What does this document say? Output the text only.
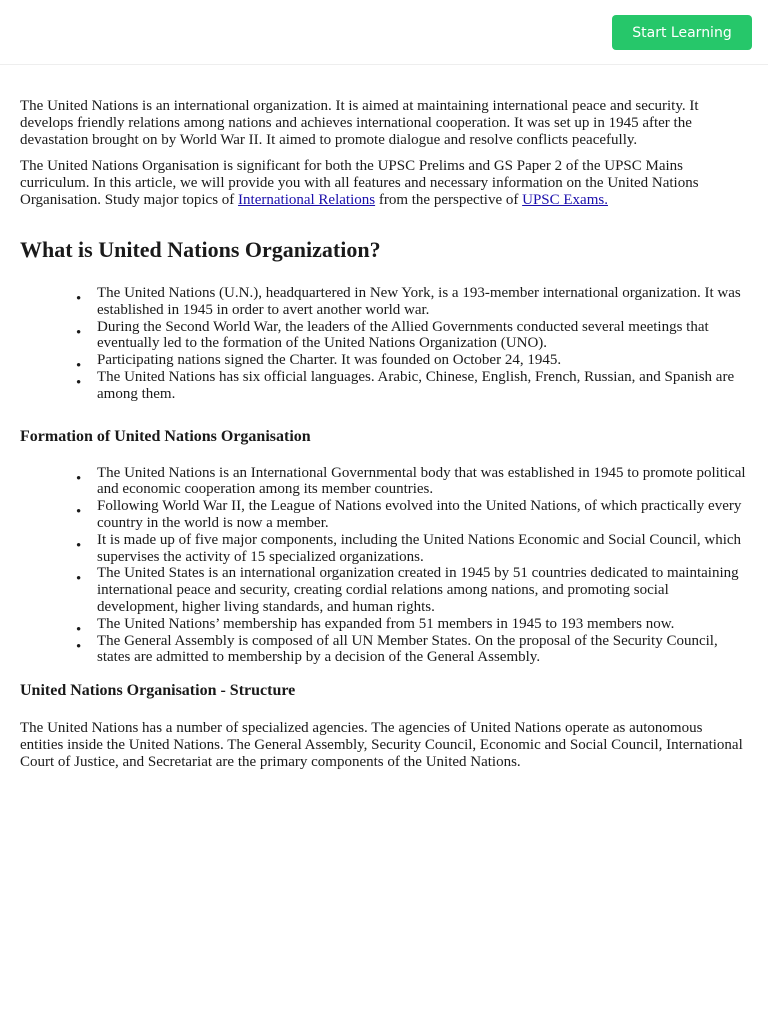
Start Learning

The United Nations is an international organization. It is aimed at maintaining international peace and security. It develops friendly relations among nations and achieves international cooperation. It was set up in 1945 after the devastation brought on by World War II. It aimed to promote dialogue and resolve conflicts peacefully.

The United Nations Organisation is significant for both the UPSC Prelims and GS Paper 2 of the UPSC Mains curriculum. In this article, we will provide you with all features and necessary information on the United Nations Organisation. Study major topics of International Relations from the perspective of UPSC Exams.

What is United Nations Organization?
• The United Nations (U.N.), headquartered in New York, is a 193-member international organization. It was established in 1945 in order to avert another world war.
• During the Second World War, the leaders of the Allied Governments conducted several meetings that eventually led to the formation of the United Nations Organization (UNO).
• Participating nations signed the Charter. It was founded on October 24, 1945.
• The United Nations has six official languages. Arabic, Chinese, English, French, Russian, and Spanish are among them.
Formation of United Nations Organisation
• The United Nations is an International Governmental body that was established in 1945 to promote political and economic cooperation among its member countries.
• Following World War II, the League of Nations evolved into the United Nations, of which practically every country in the world is now a member.
• It is made up of five major components, including the United Nations Economic and Social Council, which supervises the activity of 15 specialized organizations.
• The United States is an international organization created in 1945 by 51 countries dedicated to maintaining international peace and security, creating cordial relations among nations, and promoting social development, higher living standards, and human rights.
• The United Nations’ membership has expanded from 51 members in 1945 to 193 members now.
• The General Assembly is composed of all UN Member States. On the proposal of the Security Council, states are admitted to membership by a decision of the General Assembly.
United Nations Organisation - Structure

The United Nations has a number of specialized agencies. The agencies of United Nations operate as autonomous entities inside the United Nations. The General Assembly, Security Council, Economic and Social Council, International Court of Justice, and Secretariat are the primary components of the United Nations.
